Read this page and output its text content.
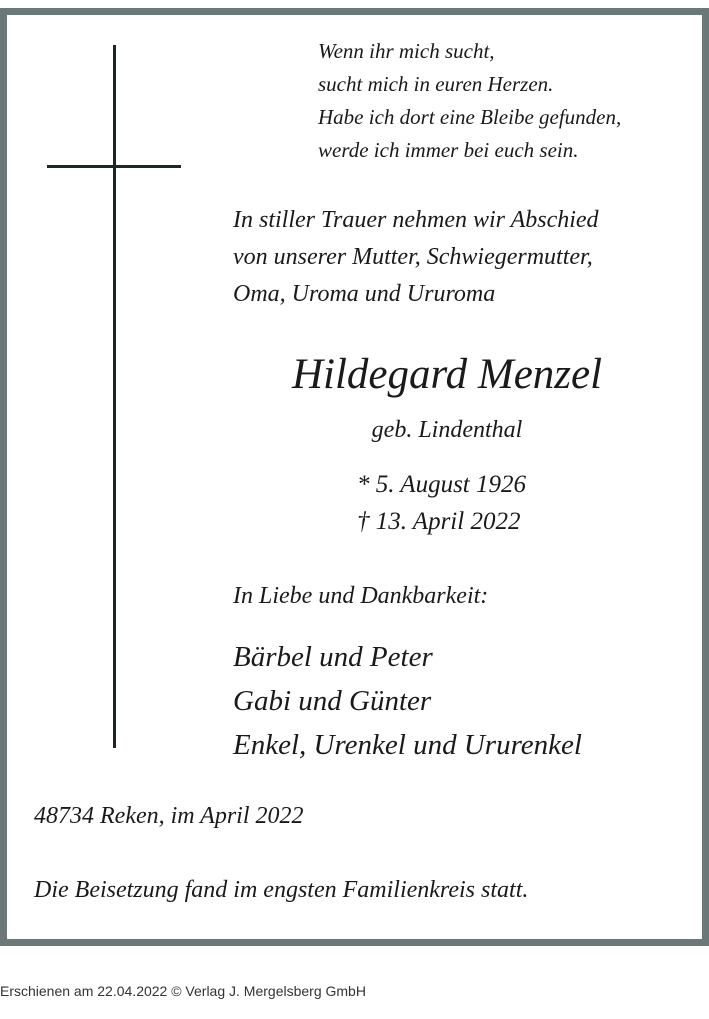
Wenn ihr mich sucht,
sucht mich in euren Herzen.
Habe ich dort eine Bleibe gefunden,
werde ich immer bei euch sein.
In stiller Trauer nehmen wir Abschied
von unserer Mutter, Schwiegermutter,
Oma, Uroma und Ururoma
Hildegard Menzel
geb. Lindenthal
* 5. August 1926
† 13. April 2022
In Liebe und Dankbarkeit:
Bärbel und Peter
Gabi und Günter
Enkel, Urenkel und Ururenkel
48734 Reken, im April 2022
Die Beisetzung fand im engsten Familienkreis statt.
Erschienen am 22.04.2022 © Verlag J. Mergelsberg GmbH
